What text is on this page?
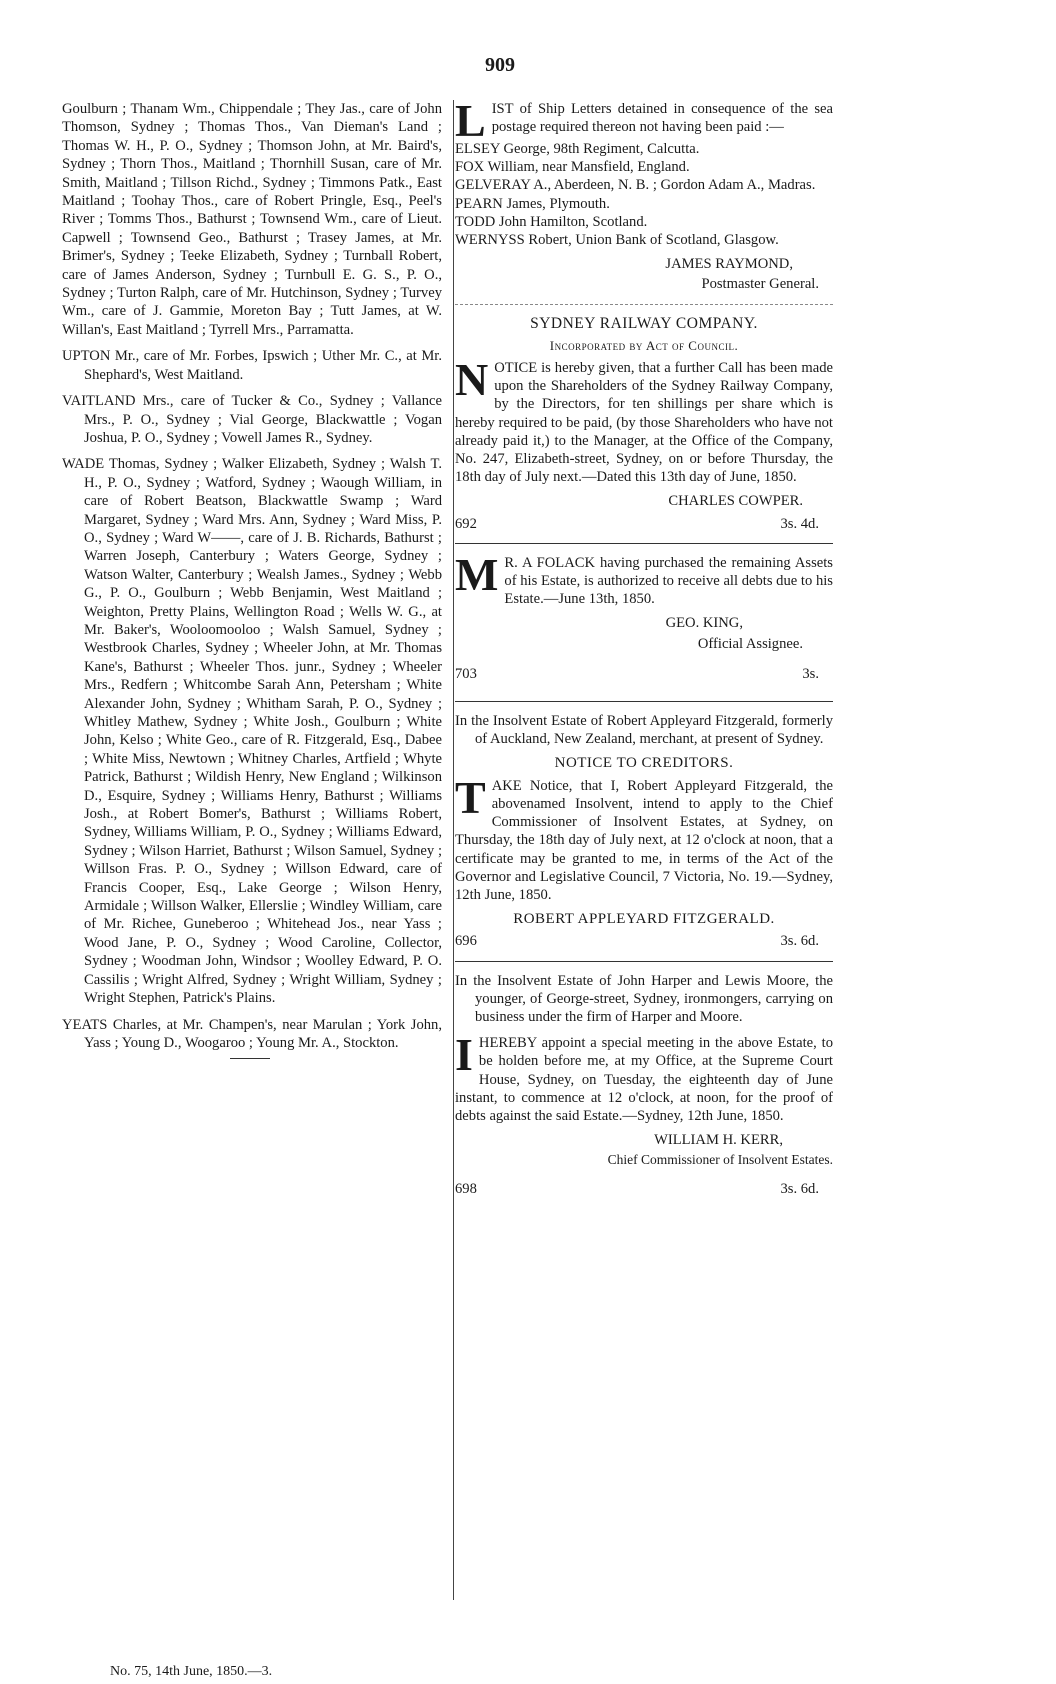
909

Goulburn ; Thanam Wm., Chippendale ; They Jas., care of John Thomson, Sydney ; Thomas Thos., Van Dieman's Land ; Thomas W. H., P. O., Sydney ; Thomson John, at Mr. Baird's, Sydney ; Thorn Thos., Maitland ; Thornhill Susan, care of Mr. Smith, Maitland ; Tillson Richd., Sydney ; Timmons Patk., East Maitland ; Toohay Thos., care of Robert Pringle, Esq., Peel's River ; Tomms Thos., Bathurst ; Townsend Wm., care of Lieut. Capwell ; Townsend Geo., Bathurst ; Trasey James, at Mr. Brimer's, Sydney ; Teeke Elizabeth, Sydney ; Turnball Robert, care of James Anderson, Sydney ; Turnbull E. G. S., P. O., Sydney ; Turton Ralph, care of Mr. Hutchinson, Sydney ; Turvey Wm., care of J. Gammie, Moreton Bay ; Tutt James, at W. Willan's, East Maitland ; Tyrrell Mrs., Parramatta.

UPTON Mr., care of Mr. Forbes, Ipswich ; Uther Mr. C., at Mr. Shephard's, West Maitland.

VAITLAND Mrs., care of Tucker & Co., Sydney ; Vallance Mrs., P. O., Sydney ; Vial George, Blackwattle ; Vogan Joshua, P. O., Sydney ; Vowell James R., Sydney.

WADE Thomas, Sydney ; Walker Elizabeth, Sydney ; Walsh T. H., P. O., Sydney ; Watford, Sydney ; Waough William, in care of Robert Beatson, Blackwattle Swamp ; Ward Margaret, Sydney ; Ward Mrs. Ann, Sydney ; Ward Miss, P. O., Sydney ; Ward W——, care of J. B. Richards, Bathurst ; Warren Joseph, Canterbury ; Waters George, Sydney ; Watson Walter, Canterbury ; Wealsh James., Sydney ; Webb G., P. O., Goulburn ; Webb Benjamin, West Maitland ; Weighton, Pretty Plains, Wellington Road ; Wells W. G., at Mr. Baker's, Wooloomooloo ; Walsh Samuel, Sydney ; Westbrook Charles, Sydney ; Wheeler John, at Mr. Thomas Kane's, Bathurst ; Wheeler Thos. junr., Sydney ; Wheeler Mrs., Redfern ; Whitcombe Sarah Ann, Petersham ; White Alexander John, Sydney ; Whitham Sarah, P. O., Sydney ; Whitley Mathew, Sydney ; White Josh., Goulburn ; White John, Kelso ; White Geo., care of R. Fitzgerald, Esq., Dabee ; White Miss, Newtown ; Whitney Charles, Artfield ; Whyte Patrick, Bathurst ; Wildish Henry, New England ; Wilkinson D., Esquire, Sydney ; Williams Henry, Bathurst ; Williams Josh., at Robert Bomer's, Bathurst ; Williams Robert, Sydney, Williams William, P. O., Sydney ; Williams Edward, Sydney ; Wilson Harriet, Bathurst ; Wilson Samuel, Sydney ; Willson Fras. P. O., Sydney ; Willson Edward, care of Francis Cooper, Esq., Lake George ; Wilson Henry, Armidale ; Willson Walker, Ellerslie ; Windley William, care of Mr. Richee, Guneberoo ; Whitehead Jos., near Yass ; Wood Jane, P. O., Sydney ; Wood Caroline, Collector, Sydney ; Woodman John, Windsor ; Woolley Edward, P. O. Cassilis ; Wright Alfred, Sydney ; Wright William, Sydney ; Wright Stephen, Patrick's Plains.

YEATS Charles, at Mr. Champen's, near Marulan ; York John, Yass ; Young D., Woogaroo ; Young Mr. A., Stockton.

LIST of Ship Letters detained in consequence of the sea postage required thereon not having been paid :—

ELSEY George, 98th Regiment, Calcutta.

FOX William, near Mansfield, England.

GELVERAY A., Aberdeen, N. B. ; Gordon Adam A., Madras.

PEARN James, Plymouth.

TODD John Hamilton, Scotland.

WERNYSS Robert, Union Bank of Scotland, Glasgow.

JAMES RAYMOND,

Postmaster General.

SYDNEY RAILWAY COMPANY.

Incorporated by Act of Council.

NOTICE is hereby given, that a further Call has been made upon the Shareholders of the Sydney Railway Company, by the Directors, for ten shillings per share which is hereby required to be paid, (by those Shareholders who have not already paid it,) to the Manager, at the Office of the Company, No. 247, Elizabeth-street, Sydney, on or before Thursday, the 18th day of July next.—Dated this 13th day of June, 1850.

CHARLES COWPER.

692	3s. 4d.

M R. A FOLACK having purchased the remaining Assets of his Estate, is authorized to receive all debts due to his Estate.—June 13th, 1850.

GEO. KING,

Official Assignee.

703	3s.

In the Insolvent Estate of Robert Appleyard Fitzgerald, formerly of Auckland, New Zealand, merchant, at present of Sydney.

NOTICE TO CREDITORS.

TAKE Notice, that I, Robert Appleyard Fitzgerald, the abovenamed Insolvent, intend to apply to the Chief Commissioner of Insolvent Estates, at Sydney, on Thursday, the 18th day of July next, at 12 o'clock at noon, that a certificate may be granted to me, in terms of the Act of the Governor and Legislative Council, 7 Victoria, No. 19.—Sydney, 12th June, 1850.

ROBERT APPLEYARD FITZGERALD.

696	3s. 6d.

In the Insolvent Estate of John Harper and Lewis Moore, the younger, of George-street, Sydney, ironmongers, carrying on business under the firm of Harper and Moore.

IHEREBY appoint a special meeting in the above Estate, to be holden before me, at my Office, at the Supreme Court House, Sydney, on Tuesday, the eighteenth day of June instant, to commence at 12 o'clock, at noon, for the proof of debts against the said Estate.—Sydney, 12th June, 1850.

WILLIAM H. KERR,

Chief Commissioner of Insolvent Estates.

698	3s. 6d.
No. 75, 14th June, 1850.—3.
